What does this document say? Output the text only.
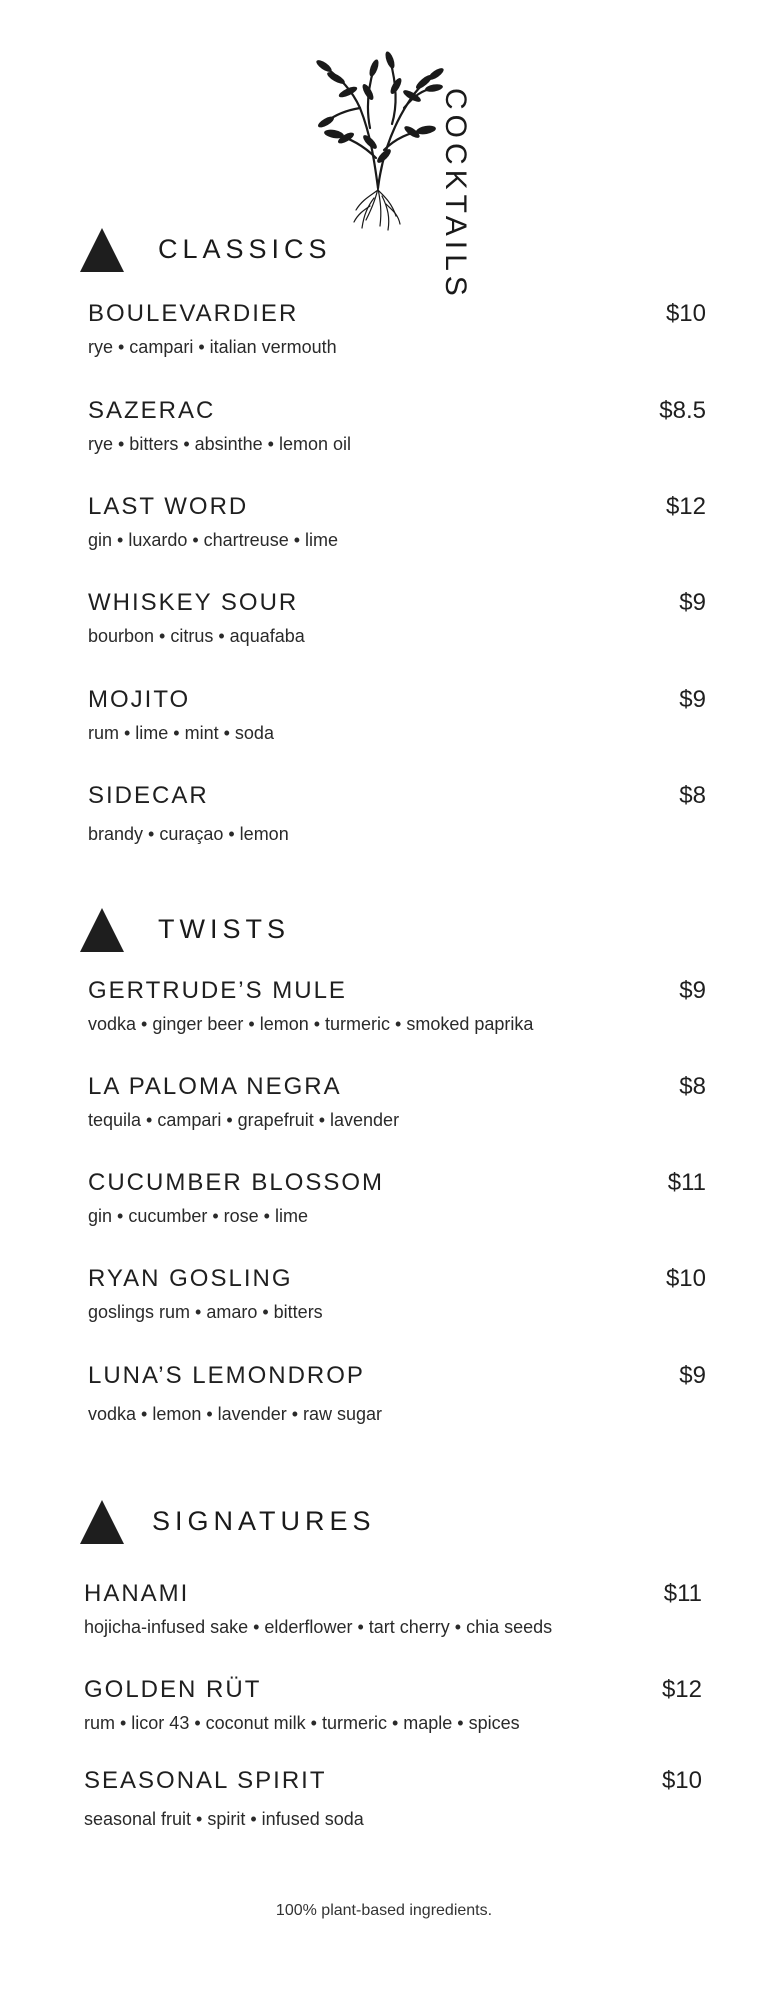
COCKTAILS
CLASSICS
BOULEVARDIER	$10
rye • campari • italian vermouth
SAZERAC	$8.5
rye • bitters • absinthe • lemon oil
LAST WORD	$12
gin • luxardo • chartreuse • lime
WHISKEY SOUR	$9
bourbon • citrus • aquafaba
MOJITO	$9
rum • lime • mint • soda
SIDECAR	$8
brandy • curaçao • lemon
TWISTS
GERTRUDE’S MULE	$9
vodka • ginger beer • lemon • turmeric • smoked paprika
LA PALOMA NEGRA	$8
tequila • campari • grapefruit • lavender
CUCUMBER BLOSSOM	$11
gin • cucumber • rose • lime
RYAN GOSLING	$10
goslings rum • amaro • bitters
LUNA’S LEMONDROP	$9
vodka • lemon • lavender • raw sugar
SIGNATURES
HANAMI	$11
hojicha-infused sake • elderflower • tart cherry • chia seeds
GOLDEN RÜT	$12
rum • licor 43 • coconut milk • turmeric • maple • spices
SEASONAL SPIRIT	$10
seasonal fruit • spirit • infused soda
100% plant-based ingredients.
